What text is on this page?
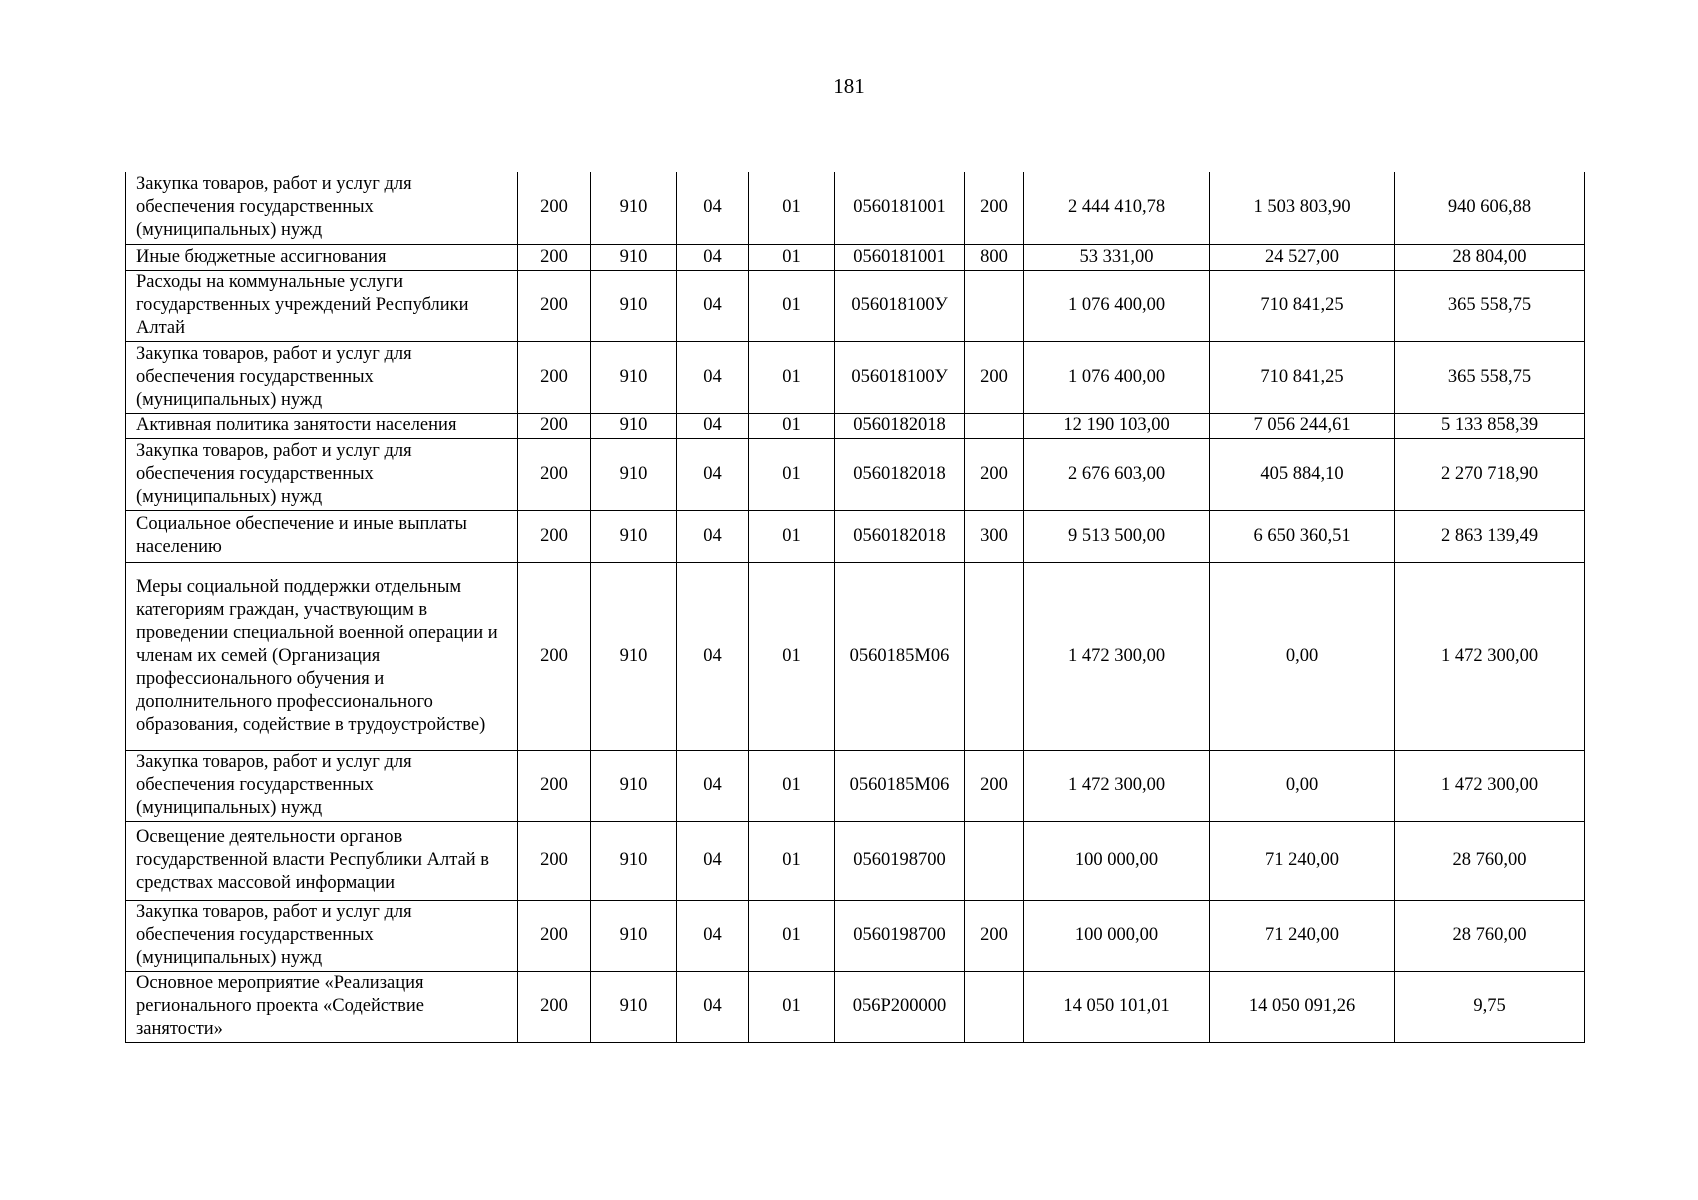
181
Закупка товаров, работ и услуг для обеспечения государственных (муниципальных) нужд	200	910	04	01	0560181001	200	2 444 410,78	1 503 803,90	940 606,88
Иные бюджетные ассигнования	200	910	04	01	0560181001	800	53 331,00	24 527,00	28 804,00
Расходы на коммунальные услуги государственных учреждений Республики Алтай	200	910	04	01	056018100У		1 076 400,00	710 841,25	365 558,75
Закупка товаров, работ и услуг для обеспечения государственных (муниципальных) нужд	200	910	04	01	056018100У	200	1 076 400,00	710 841,25	365 558,75
Активная политика занятости населения	200	910	04	01	0560182018		12 190 103,00	7 056 244,61	5 133 858,39
Закупка товаров, работ и услуг для обеспечения государственных (муниципальных) нужд	200	910	04	01	0560182018	200	2 676 603,00	405 884,10	2 270 718,90
Социальное обеспечение и иные выплаты населению	200	910	04	01	0560182018	300	9 513 500,00	6 650 360,51	2 863 139,49
Меры социальной поддержки отдельным категориям граждан, участвующим в проведении специальной военной операции и членам их семей (Организация профессионального обучения и дополнительного профессионального образования, содействие в трудоустройстве)	200	910	04	01	0560185М06		1 472 300,00	0,00	1 472 300,00
Закупка товаров, работ и услуг для обеспечения государственных (муниципальных) нужд	200	910	04	01	0560185М06	200	1 472 300,00	0,00	1 472 300,00
Освещение деятельности органов государственной власти Республики Алтай в средствах массовой информации	200	910	04	01	0560198700		100 000,00	71 240,00	28 760,00
Закупка товаров, работ и услуг для обеспечения государственных (муниципальных) нужд	200	910	04	01	0560198700	200	100 000,00	71 240,00	28 760,00
Основное мероприятие «Реализация регионального проекта «Содействие занятости»	200	910	04	01	056Р200000		14 050 101,01	14 050 091,26	9,75
